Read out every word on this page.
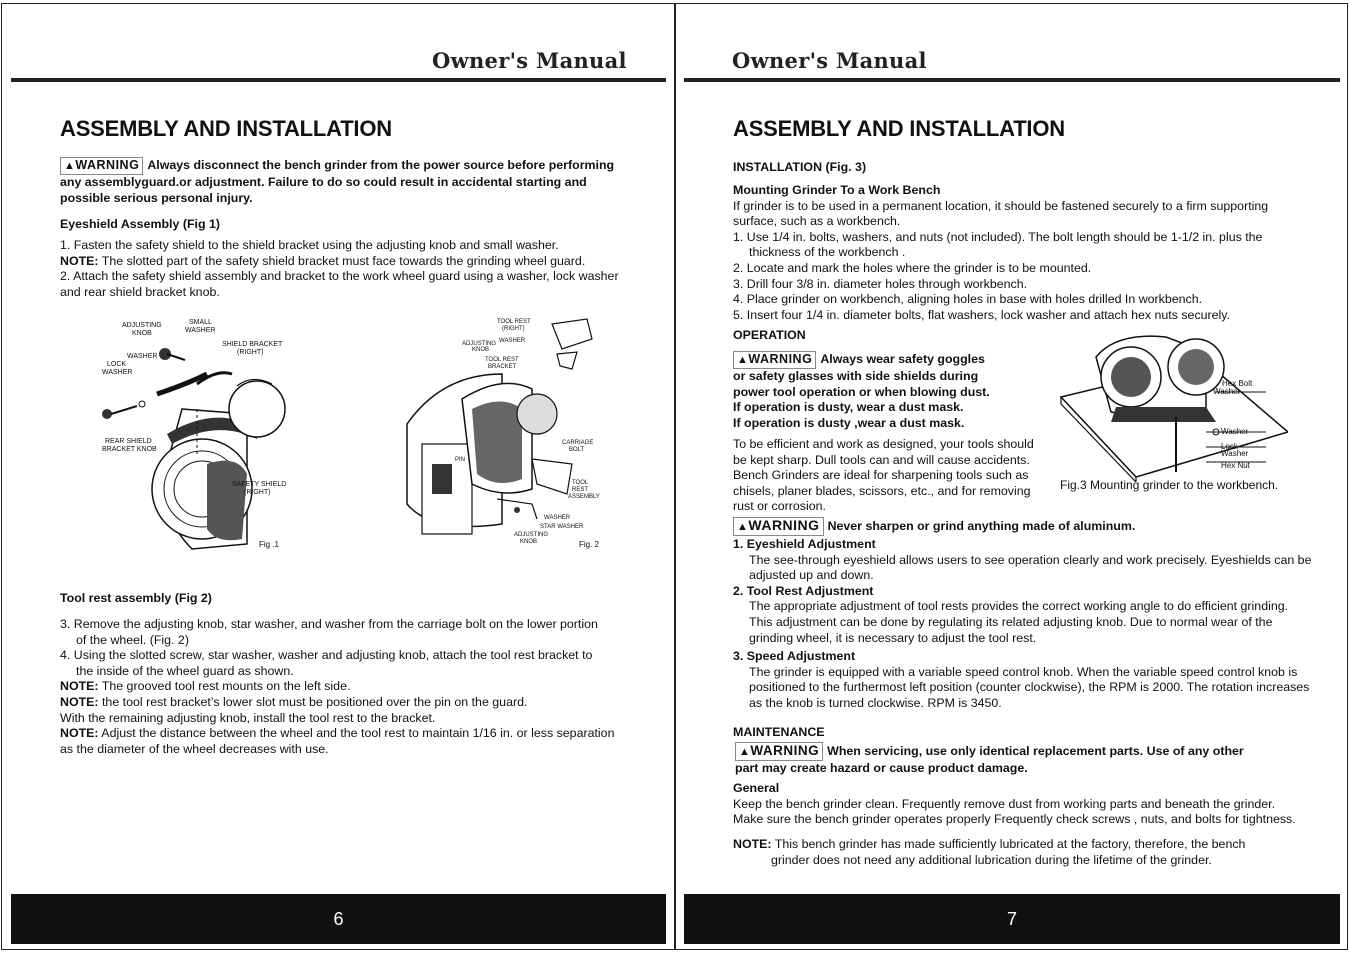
Owner's Manual
ASSEMBLY AND INSTALLATION
▲WARNING Always disconnect the bench grinder from the power source before performing any assemblyguard.or adjustment. Failure to do so could result in accidental starting and possible serious personal injury.
Eyeshield Assembly (Fig 1)

1. Fasten the safety shield to the shield bracket using the adjusting knob and small washer.

NOTE: The slotted part of the safety shield bracket must face towards the grinding wheel guard.

2. Attach the safety shield assembly and bracket to the work wheel guard using a washer, lock washer and rear shield bracket knob.

ADJUSTING
KNOB
SMALL
WASHER
SHIELD BRACKET
(RIGHT)
WASHER
LOCK
WASHER
REAR SHIELD
BRACKET KNOB
SAFETY SHIELD
(RIGHT)
Fig .1
TOOL REST
(RIGHT)
ADJUSTING
KNOB
WASHER
TOOL REST
BRACKET
PIN
CARRIAGE
BOLT
TOOL
REST
ASSEMBLY
WASHER
STAR WASHER
ADJUSTING
KNOB	Fig. 2
Tool rest assembly (Fig 2)

3. Remove the adjusting knob, star washer, and washer from the carriage bolt on the lower portion

of the wheel. (Fig. 2)

4. Using the slotted screw, star washer, washer and adjusting knob, attach the tool rest bracket to

the inside of the wheel guard as shown.

NOTE: The grooved tool rest mounts on the left side.

NOTE: the tool rest bracket’s lower slot must be positioned over the pin on the guard.

With the remaining adjusting knob, install the tool rest to the bracket.

NOTE: Adjust the distance between the wheel and the tool rest to maintain 1/16 in. or less separation

as the diameter of the wheel decreases with use.

6
Owner's Manual
ASSEMBLY AND INSTALLATION
INSTALLATION (Fig. 3)

Mounting Grinder To a Work Bench

If grinder is to be used in a permanent location, it should be fastened securely to a firm supporting surface, such as a workbench.

1. Use 1/4 in. bolts, washers, and nuts (not included). The bolt length should be 1-1/2 in. plus the

thickness of the workbench .

2. Locate and mark the holes where the grinder is to be mounted.

3. Drill four 3/8 in. diameter holes through workbench.

4. Place grinder on workbench, aligning holes in base with holes drilled In workbench.

5. Insert four 1/4 in. diameter bolts, flat washers, lock washer and attach hex nuts securely.

OPERATION

▲WARNING Always wear safety goggles

or safety glasses with side shields during

power tool operation or when blowing dust.

If operation is dusty, wear a dust mask.

If operation is dusty ,wear a dust mask.

To be efficient and work as designed, your tools should be kept sharp. Dull tools can and will cause accidents. Bench Grinders are ideal for sharpening tools such as chisels, planer blades, scissors, etc., and for removing rust or corrosion.
Hex Bolt
Washer
Washer
Lock
Washer
Hex Nut
Fig.3 Mounting grinder to the workbench.
▲WARNING Never sharpen or grind anything made of aluminum.

1. Eyeshield Adjustment

The see-through eyeshield allows users to see operation clearly and work precisely. Eyeshields can be adjusted up and down.

2. Tool Rest Adjustment

The appropriate adjustment of tool rests provides the correct working angle to do efficient grinding. This adjustment can be done by regulating its related adjusting knob. Due to normal wear of the grinding wheel, it is necessary to adjust the tool rest.

3. Speed Adjustment

The grinder is equipped with a variable speed control knob. When the variable speed control knob is positioned to the furthermost left position (counter clockwise), the RPM is 2000. The rotation increases as the knob is turned clockwise. RPM is 3450.

MAINTENANCE

▲WARNING When servicing, use only identical replacement parts. Use of any other

part may create hazard or cause product damage.

General

Keep the bench grinder clean. Frequently remove dust from working parts and beneath the grinder.

Make sure the bench grinder operates properly Frequently check screws , nuts, and bolts for tightness.

NOTE: This bench grinder has made sufficiently lubricated at the factory, therefore, the bench

grinder does not need any additional lubrication during the lifetime of the grinder.

7
